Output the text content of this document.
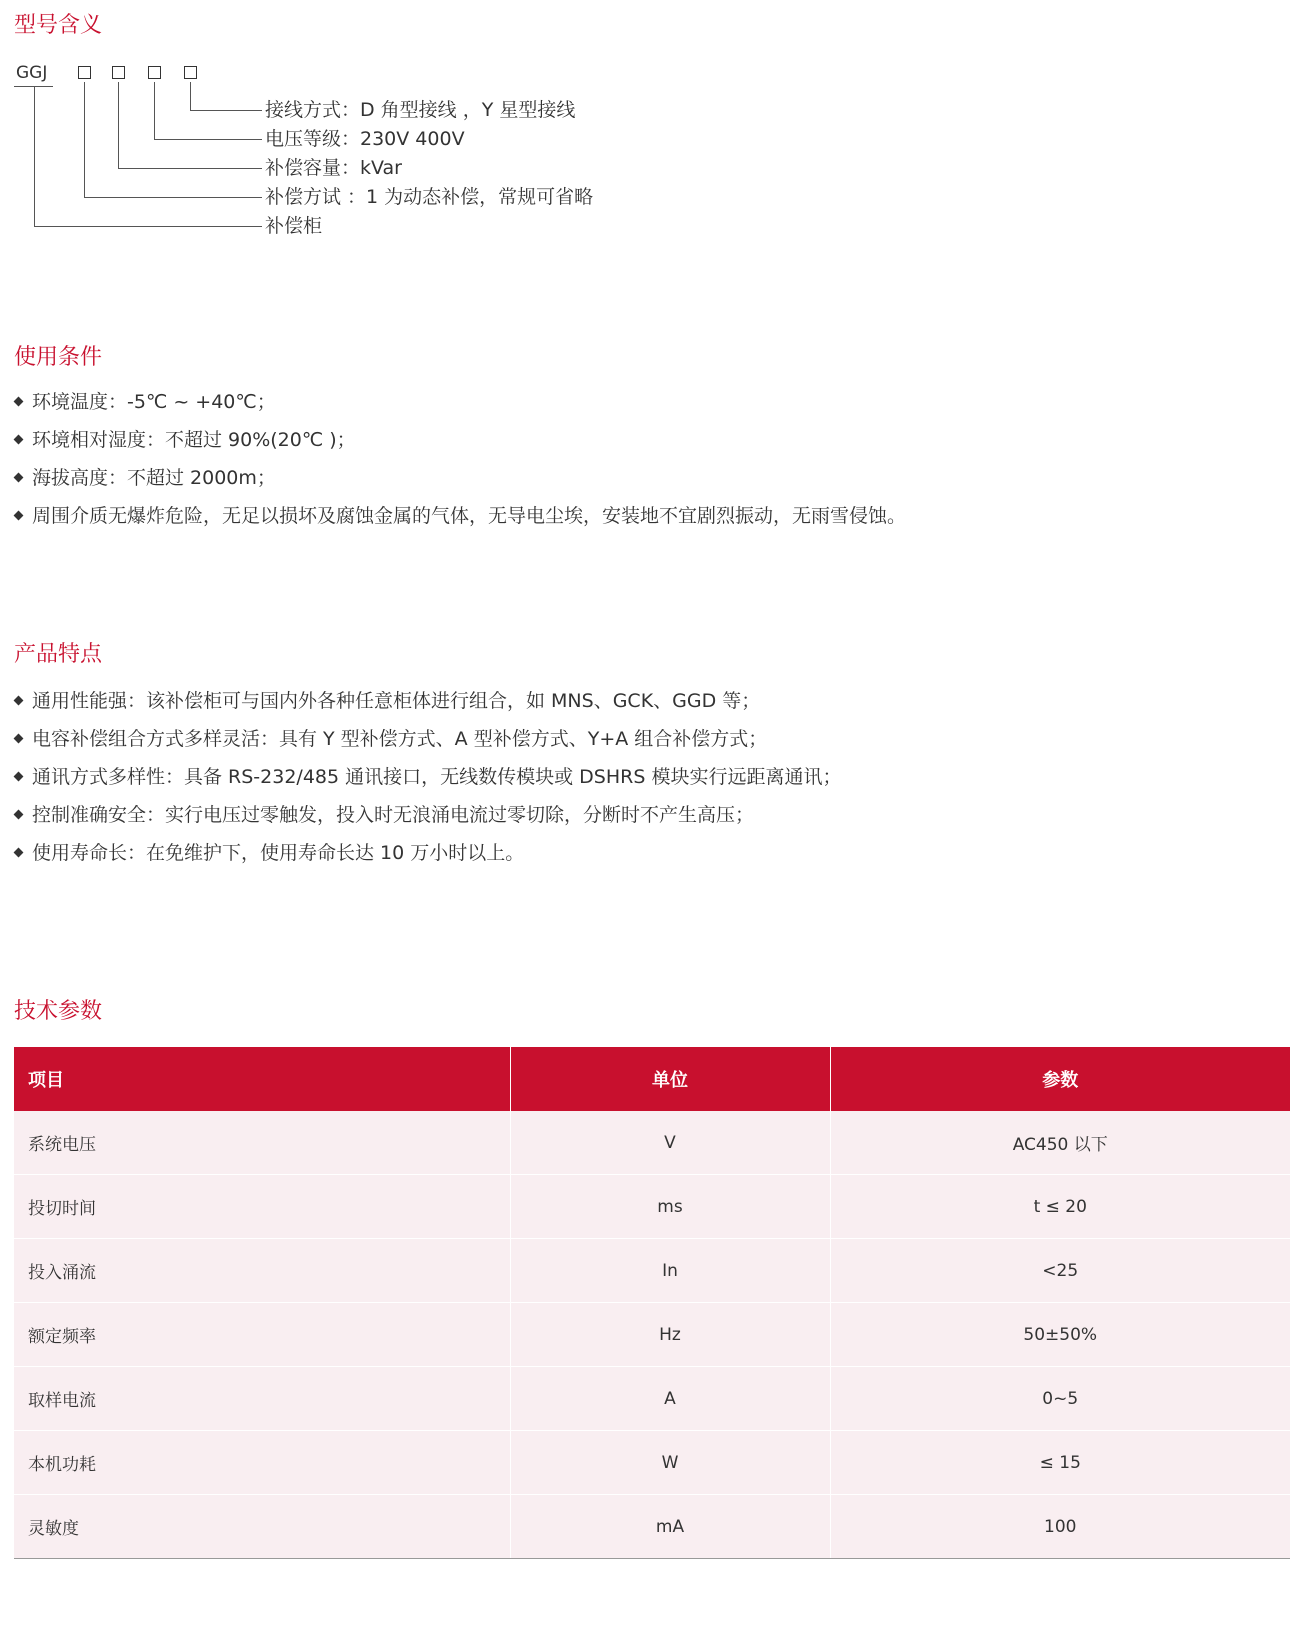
型号含义
GGJ
接线方式：D 角型接线 ，Y 星型接线
电压等级：230V 400V
补偿容量：kVar
补偿方试 ：1 为动态补偿，常规可省略
补偿柜
使用条件
环境温度：-5℃ ~ +40℃；
环境相对湿度：不超过 90%(20℃ )；
海拔高度：不超过 2000m；
周围介质无爆炸危险，无足以损坏及腐蚀金属的气体，无导电尘埃，安装地不宜剧烈振动，无雨雪侵蚀。
产品特点
通用性能强：该补偿柜可与国内外各种任意柜体进行组合，如 MNS、GCK、GGD 等；
电容补偿组合方式多样灵活：具有 Y 型补偿方式、A 型补偿方式、Y+A 组合补偿方式；
通讯方式多样性：具备 RS-232/485 通讯接口，无线数传模块或 DSHRS 模块实行远距离通讯；
控制准确安全：实行电压过零触发，投入时无浪涌电流过零切除，分断时不产生高压；
使用寿命长：在免维护下，使用寿命长达 10 万小时以上。
技术参数
项目	单位	参数
系统电压	V	AC450 以下
投切时间	ms	t ≤ 20
投入涌流	In	<25
额定频率	Hz	50±50%
取样电流	A	0~5
本机功耗	W	≤ 15
灵敏度	mA	100
